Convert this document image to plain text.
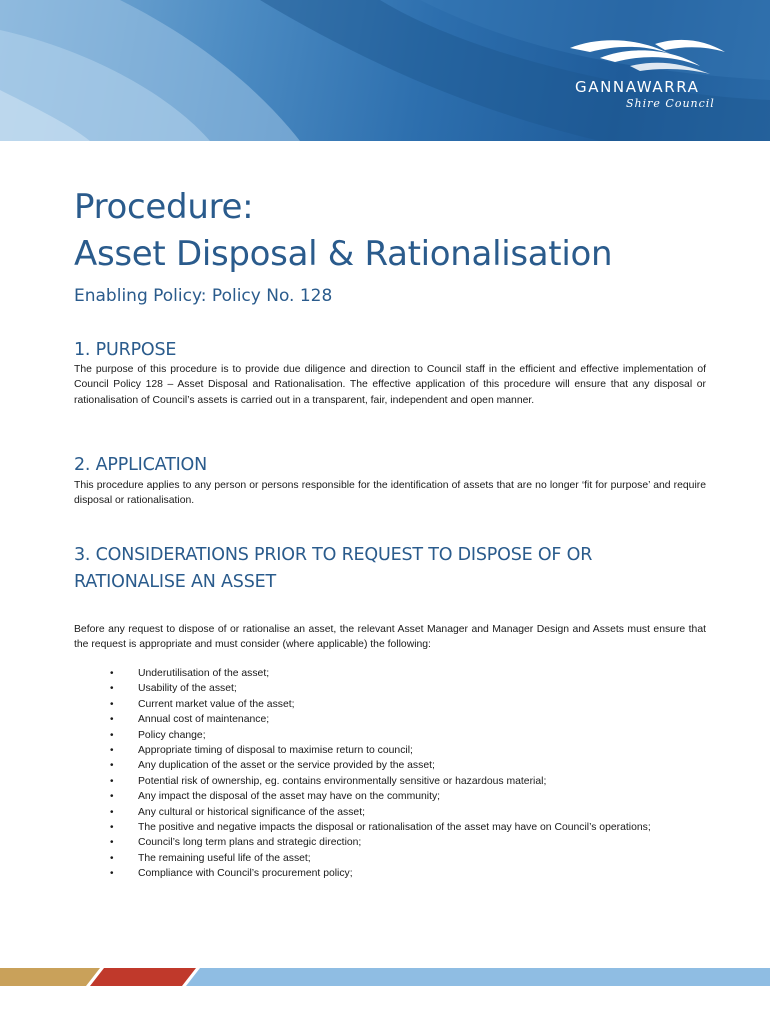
GANNAWARRA
Shire Council
Procedure:
Asset Disposal & Rationalisation
Enabling Policy: Policy No. 128
1. PURPOSE

The purpose of this procedure is to provide due diligence and direction to Council staff in the efficient and effective implementation of Council Policy 128 – Asset Disposal and Rationalisation. The effective application of this procedure will ensure that any disposal or rationalisation of Council’s assets is carried out in a transparent, fair, independent and open manner.

2. APPLICATION

This procedure applies to any person or persons responsible for the identification of assets that are no longer ‘fit for purpose’ and require disposal or rationalisation.

3. CONSIDERATIONS PRIOR TO REQUEST TO DISPOSE OF OR RATIONALISE AN ASSET

Before any request to dispose of or rationalise an asset, the relevant Asset Manager and Manager Design and Assets must ensure that the request is appropriate and must consider (where applicable) the following:

• Underutilisation of the asset;
• Usability of the asset;
• Current market value of the asset;
• Annual cost of maintenance;
• Policy change;
• Appropriate timing of disposal to maximise return to council;
• Any duplication of the asset or the service provided by the asset;
• Potential risk of ownership, eg. contains environmentally sensitive or hazardous material;
• Any impact the disposal of the asset may have on the community;
• Any cultural or historical significance of the asset;
• The positive and negative impacts the disposal or rationalisation of the asset may have on Council’s operations;
• Council’s long term plans and strategic direction;
• The remaining useful life of the asset;
• Compliance with Council’s procurement policy;
